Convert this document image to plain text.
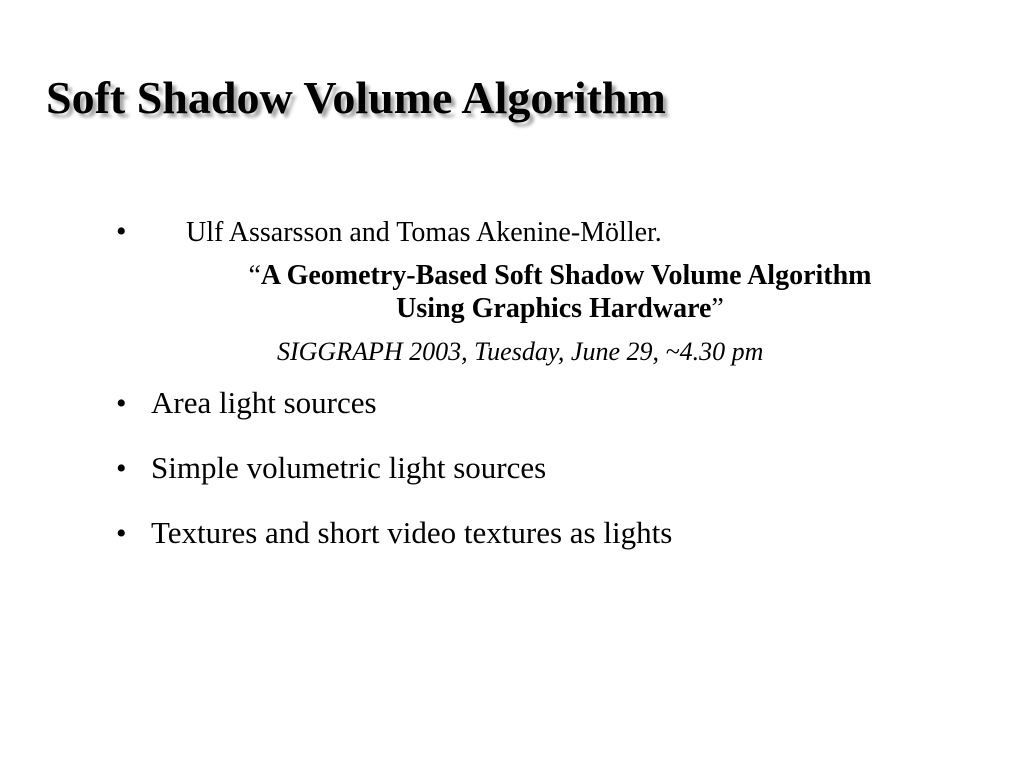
Soft Shadow Volume Algorithm
• Ulf Assarsson and Tomas Akenine-Möller.
“A Geometry-Based Soft Shadow Volume Algorithm
Using Graphics Hardware”
SIGGRAPH 2003, Tuesday, June 29, ~4.30 pm
• Area light sources
• Simple volumetric light sources
• Textures and short video textures as lights
